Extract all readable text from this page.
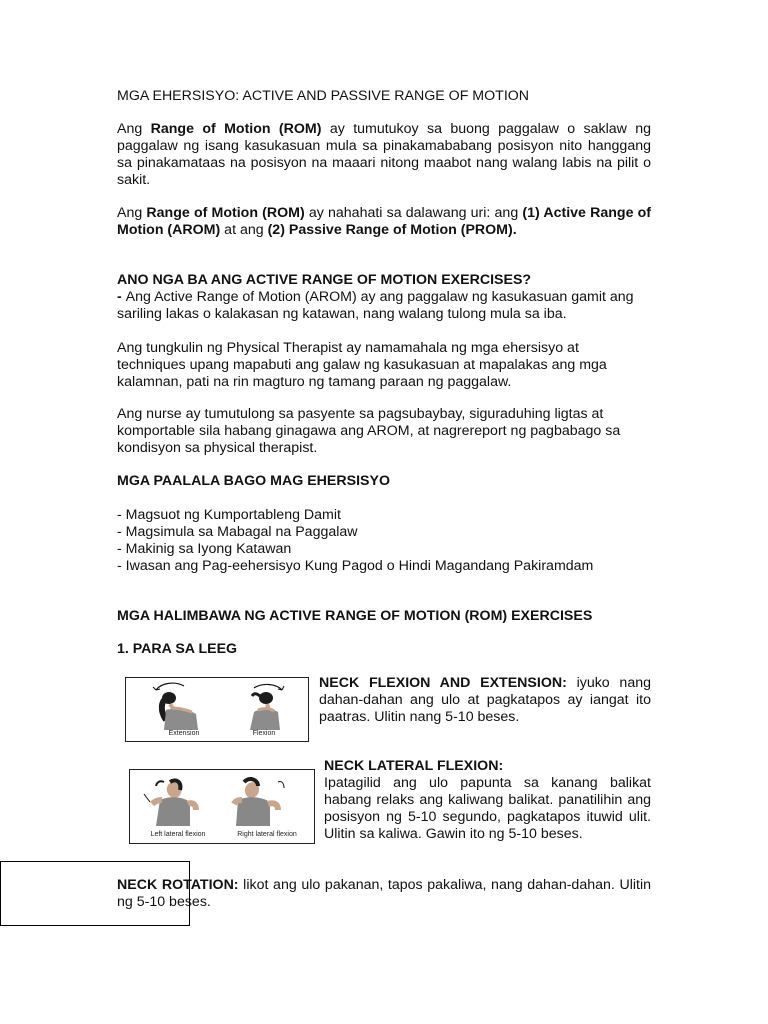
MGA EHERSISYO: ACTIVE AND PASSIVE RANGE OF MOTION

Ang Range of Motion (ROM) ay tumutukoy sa buong paggalaw o saklaw ng paggalaw ng isang kasukasuan mula sa pinakamababang posisyon nito hanggang sa pinakamataas na posisyon na maaari nitong maabot nang walang labis na pilit o sakit.

Ang Range of Motion (ROM) ay nahahati sa dalawang uri: ang (1) Active Range of Motion (AROM) at ang (2) Passive Range of Motion (PROM).

ANO NGA BA ANG ACTIVE RANGE OF MOTION EXERCISES?

- Ang Active Range of Motion (AROM) ay ang paggalaw ng kasukasuan gamit ang sariling lakas o kalakasan ng katawan, nang walang tulong mula sa iba.

Ang tungkulin ng Physical Therapist ay namamahala ng mga ehersisyo at techniques upang mapabuti ang galaw ng kasukasuan at mapalakas ang mga kalamnan, pati na rin magturo ng tamang paraan ng paggalaw.

Ang nurse ay tumutulong sa pasyente sa pagsubaybay, siguraduhing ligtas at komportable sila habang ginagawa ang AROM, at nagrereport ng pagbabago sa kondisyon sa physical therapist.

MGA PAALALA BAGO MAG EHERSISYO

- Magsuot ng Kumportableng Damit
- Magsimula sa Mabagal na Paggalaw
- Makinig sa Iyong Katawan
- Iwasan ang Pag-eehersisyo Kung Pagod o Hindi Magandang Pakiramdam

MGA HALIMBAWA NG ACTIVE RANGE OF MOTION (ROM) EXERCISES

1. PARA SA LEEG

Extension	Flexion

NECK FLEXION AND EXTENSION: iyuko nang dahan-dahan ang ulo at pagkatapos ay iangat ito paatras. Ulitin nang 5-10 beses.

Left lateral flexion	Right lateral flexion

NECK LATERAL FLEXION:

Ipatagilid ang ulo papunta sa kanang balikat habang relaks ang kaliwang balikat. panatilihin ang posisyon ng 5-10 segundo, pagkatapos ituwid ulit. Ulitin sa kaliwa. Gawin ito ng 5-10 beses.

NECK ROTATION: likot ang ulo pakanan, tapos pakaliwa, nang dahan-dahan. Ulitin ng 5-10 beses.
